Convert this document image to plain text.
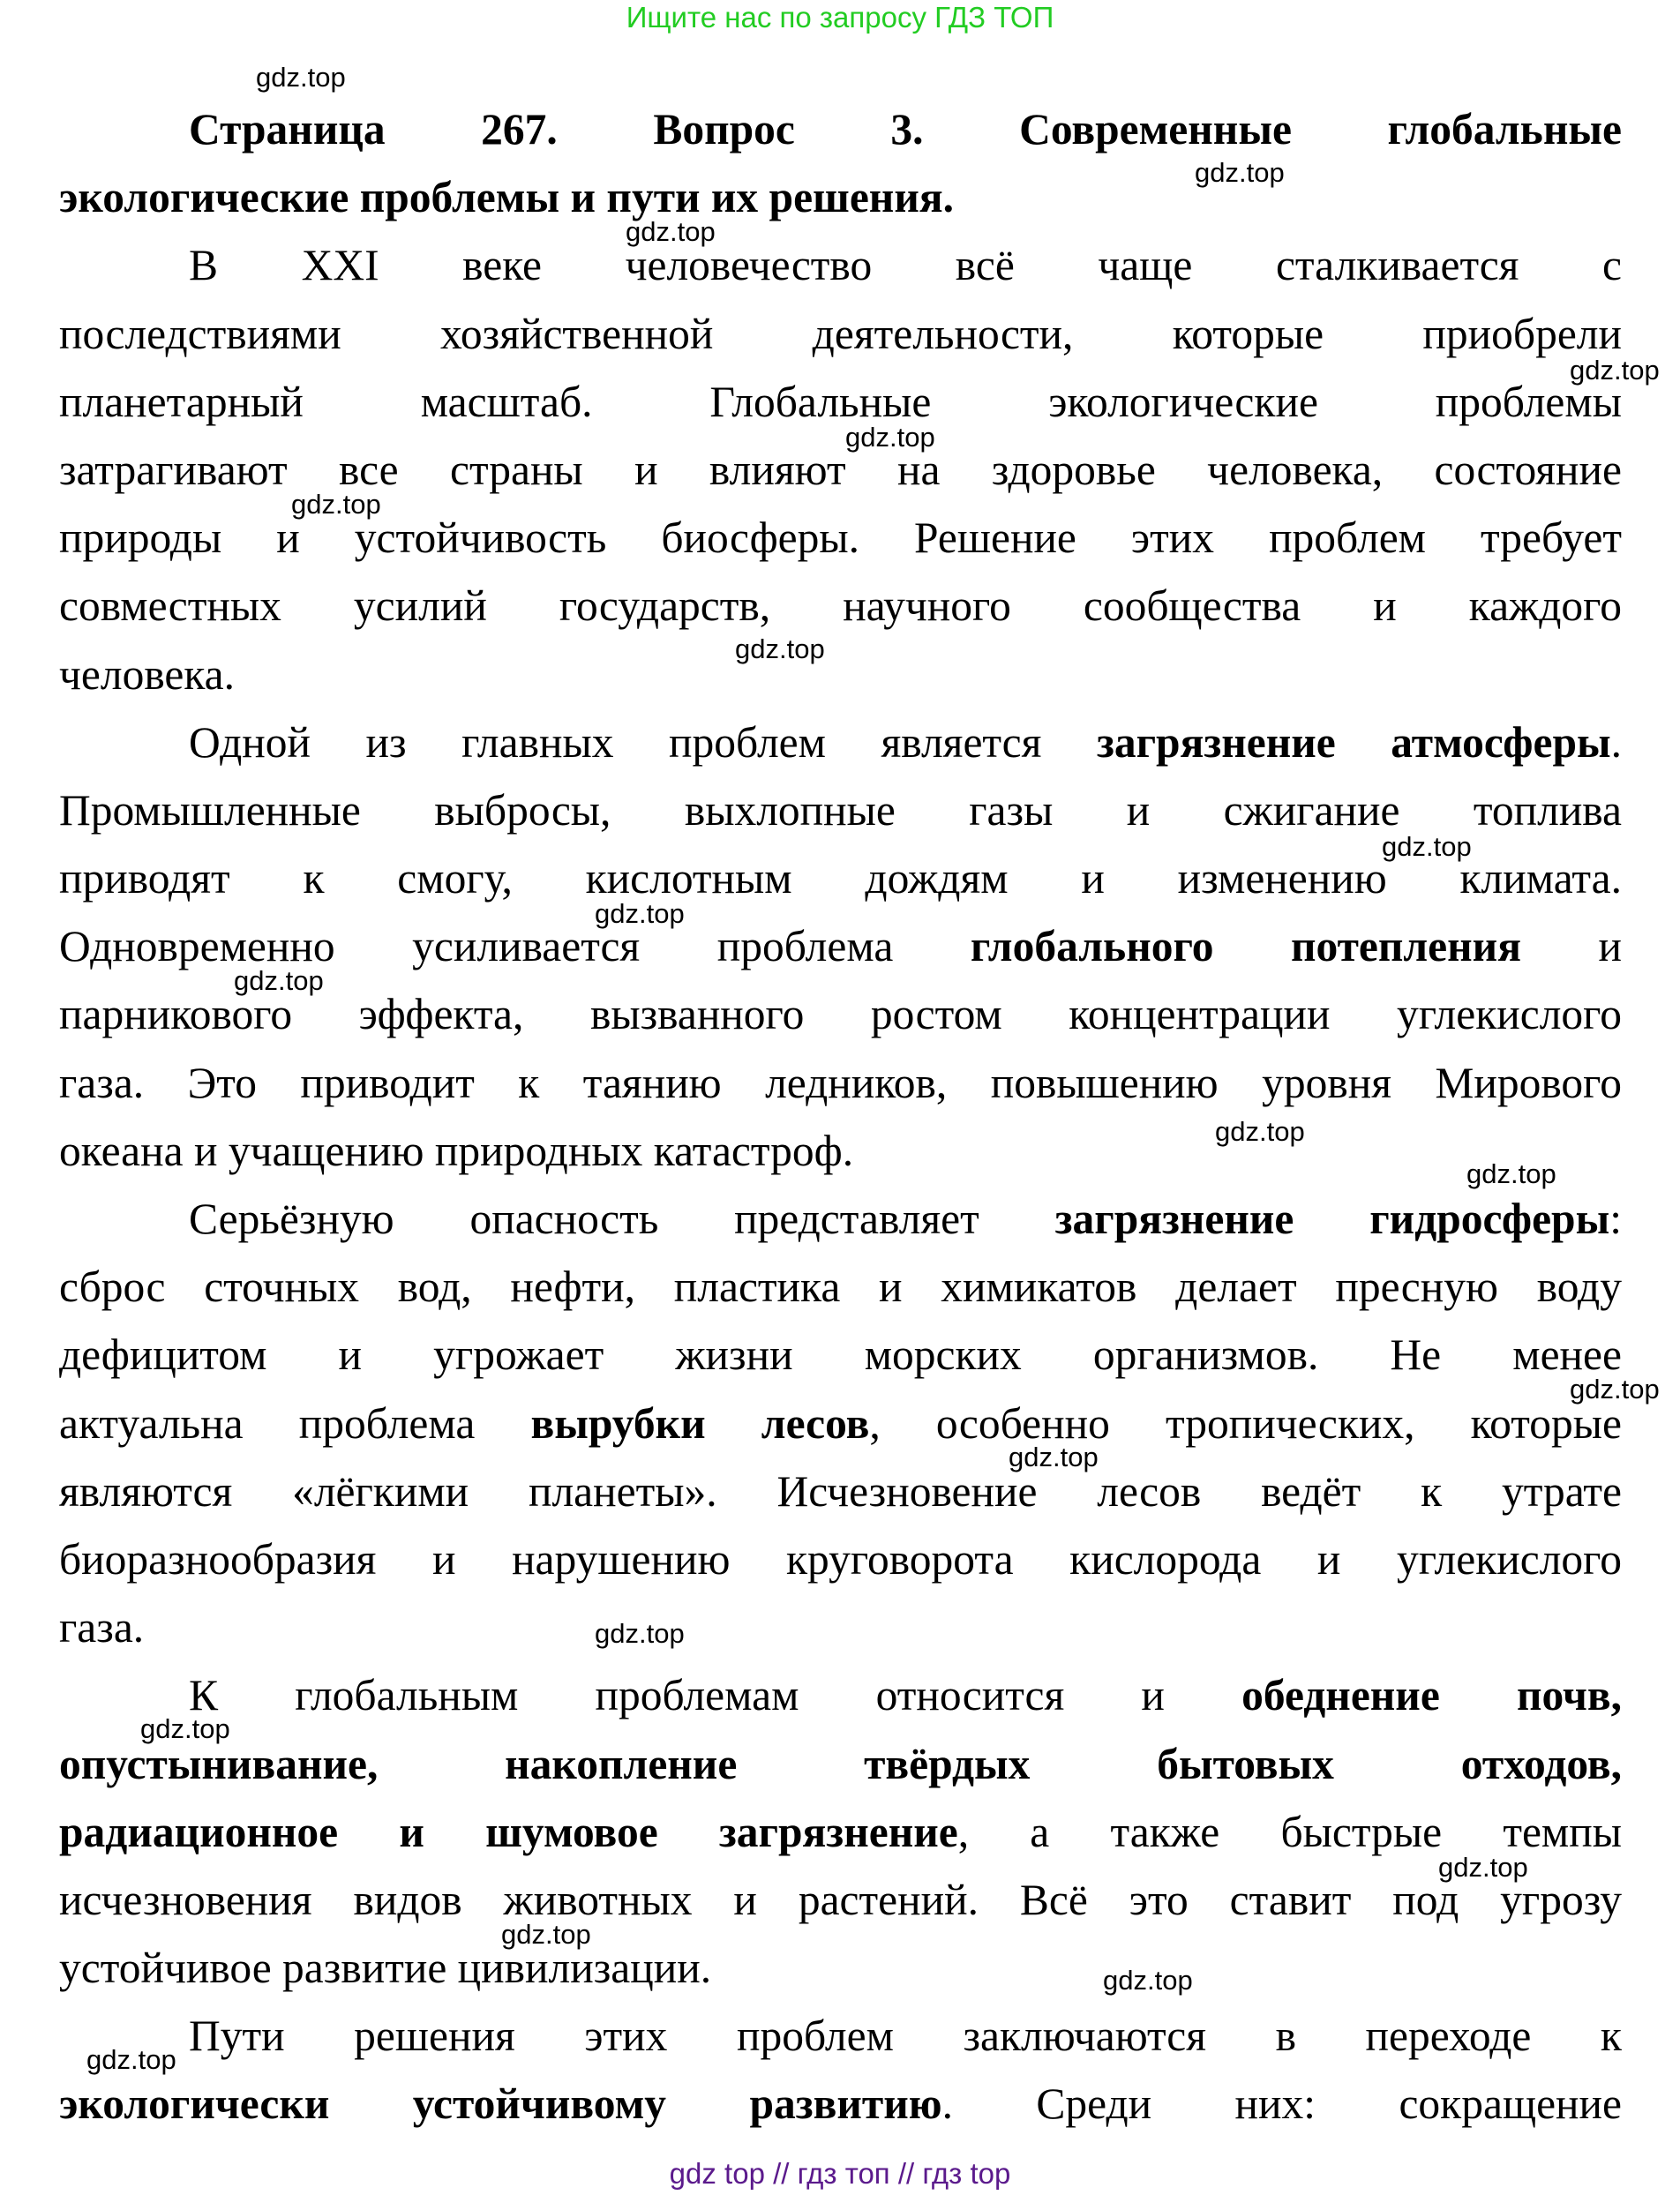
Ищите нас по запросу ГДЗ ТОП
Страница 267. Вопрос 3. Современные глобальные
экологические проблемы и пути их решения.
В XXI веке человечество всё чаще сталкивается с
последствиями хозяйственной деятельности, которые приобрели
планетарный масштаб. Глобальные экологические проблемы
затрагивают все страны и влияют на здоровье человека, состояние
природы и устойчивость биосферы. Решение этих проблем требует
совместных усилий государств, научного сообщества и каждого
человека.
Одной из главных проблем является загрязнение атмосферы.
Промышленные выбросы, выхлопные газы и сжигание топлива
приводят к смогу, кислотным дождям и изменению климата.
Одновременно усиливается проблема глобального потепления и
парникового эффекта, вызванного ростом концентрации углекислого
газа. Это приводит к таянию ледников, повышению уровня Мирового
океана и учащению природных катастроф.
Серьёзную опасность представляет загрязнение гидросферы:
сброс сточных вод, нефти, пластика и химикатов делает пресную воду
дефицитом и угрожает жизни морских организмов. Не менее
актуальна проблема вырубки лесов, особенно тропических, которые
являются «лёгкими планеты». Исчезновение лесов ведёт к утрате
биоразнообразия и нарушению круговорота кислорода и углекислого
газа.
К глобальным проблемам относится и обеднение почв,
опустынивание, накопление твёрдых бытовых отходов,
радиационное и шумовое загрязнение, а также быстрые темпы
исчезновения видов животных и растений. Всё это ставит под угрозу
устойчивое развитие цивилизации.
Пути решения этих проблем заключаются в переходе к
экологически устойчивому развитию. Среди них: сокращение
gdz.top
gdz.top
gdz.top
gdz.top
gdz.top
gdz.top
gdz.top
gdz.top
gdz.top
gdz.top
gdz.top
gdz.top
gdz.top
gdz.top
gdz.top
gdz.top
gdz.top
gdz.top
gdz.top
gdz.top
gdz top // гдз топ // гдз top
